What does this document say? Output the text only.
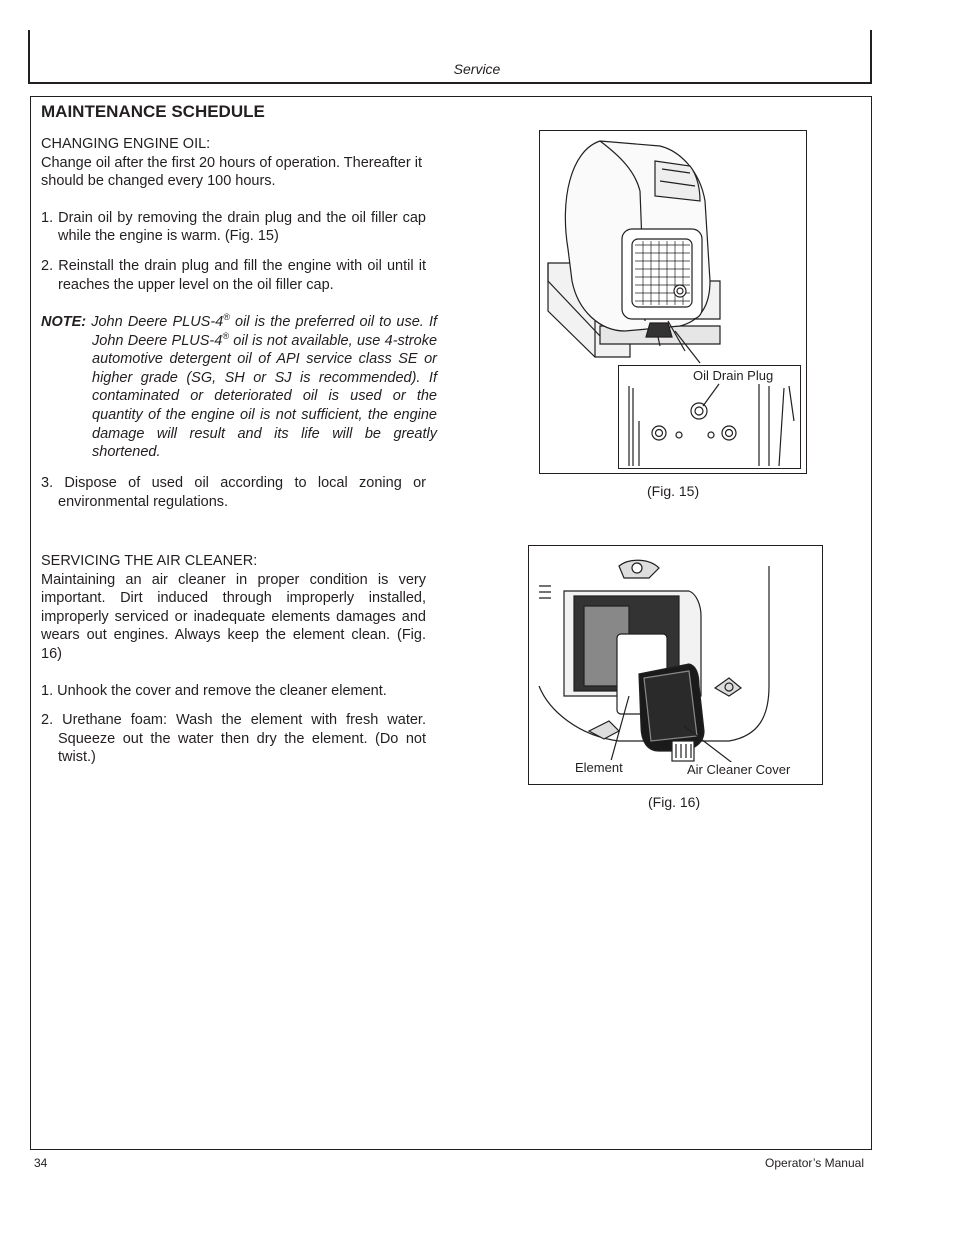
Service
MAINTENANCE SCHEDULE

CHANGING ENGINE OIL:

Change oil after the first 20 hours of operation. Thereafter it should be changed every 100 hours.

1. Drain oil by removing the drain plug and the oil filler cap while the engine is warm. (Fig. 15)

2. Reinstall the drain plug and fill the engine with oil until it reaches the upper level on the oil filler cap.

NOTE: John Deere PLUS-4® oil is the preferred oil to use. If John Deere PLUS-4® oil is not available, use 4-stroke automotive detergent oil of API service class SE or higher grade (SG, SH or SJ is recommended). If contaminated or deteriorated oil is used or the quantity of the engine oil is not sufficient, the engine damage will result and its life will be greatly shortened.

3. Dispose of used oil according to local zoning or environmental regulations.

SERVICING THE AIR CLEANER:

Maintaining an air cleaner in proper condition is very important. Dirt induced through improperly installed, improperly serviced or inadequate elements damages and wears out engines. Always keep the element clean. (Fig. 16)

1. Unhook the cover and remove the cleaner element.

2. Urethane foam: Wash the element with fresh water. Squeeze out the water then dry the element. (Do not twist.)

Oil Drain Plug
(Fig. 15)
Element	Air Cleaner Cover
(Fig. 16)
34	Operator’s Manual
